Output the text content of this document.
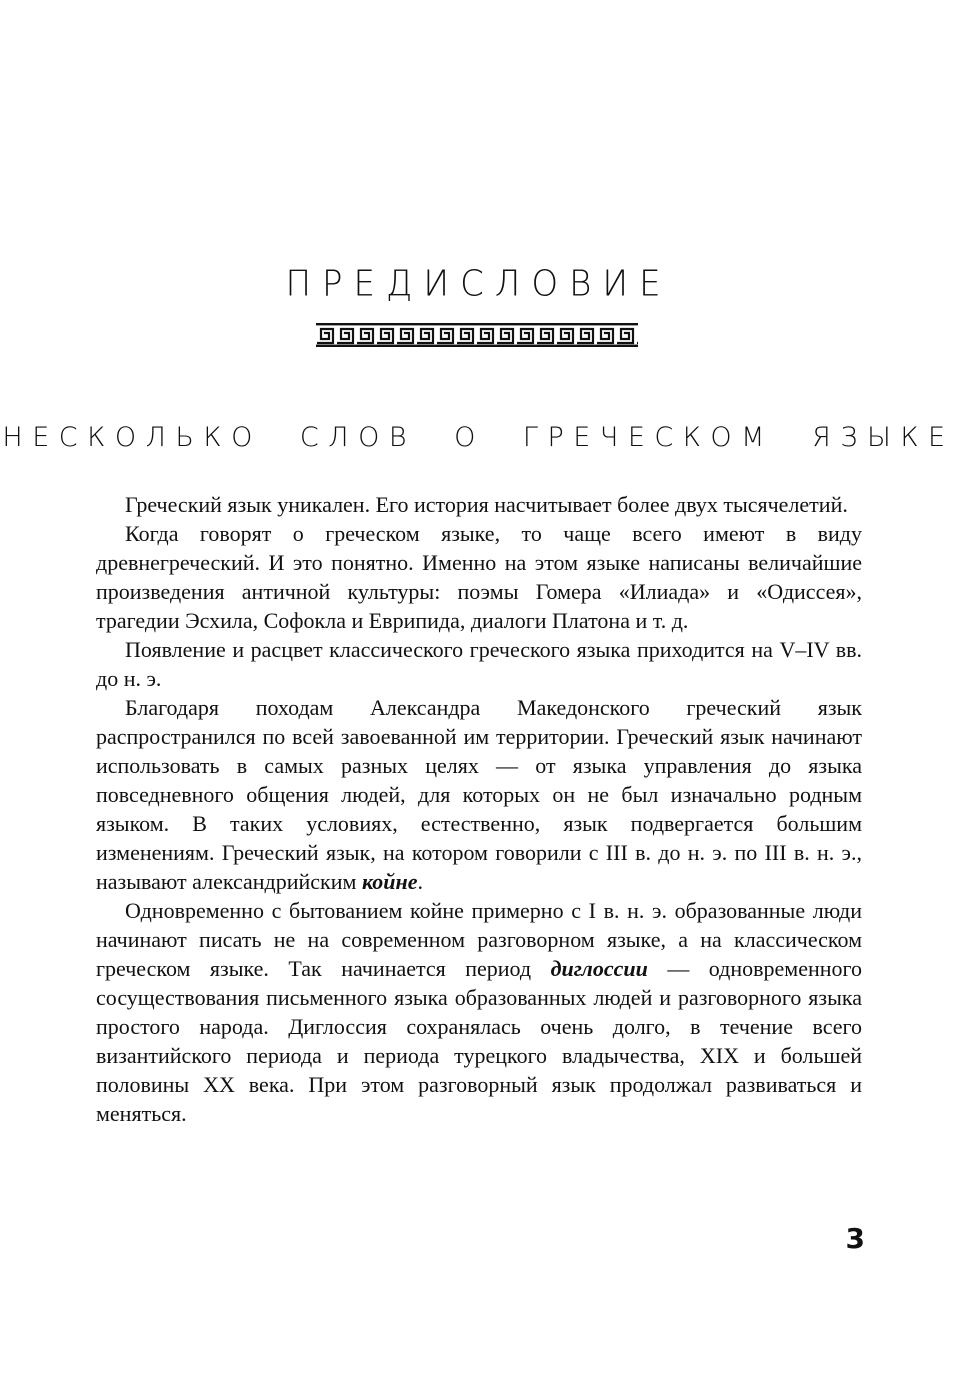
ПРЕДИСЛОВИЕ
НЕСКОЛЬКО СЛОВ О ГРЕЧЕСКОМ ЯЗЫКЕ

Греческий язык уникален. Его история насчитывает более двух тысячелетий.

Когда говорят о греческом языке, то чаще всего имеют в виду древнегреческий. И это понятно. Именно на этом языке написаны величайшие произведения античной культуры: поэмы Гомера «Илиада» и «Одиссея», трагедии Эсхила, Софокла и Еврипида, диалоги Платона и т. д.

Появление и расцвет классического греческого языка приходится на V–IV вв. до н. э.

Благодаря походам Александра Македонского греческий язык распространился по всей завоеванной им территории. Греческий язык начинают использовать в самых разных целях — от языка управления до языка повседневного общения людей, для которых он не был изначально родным языком. В таких условиях, естественно, язык подвергается большим изменениям. Греческий язык, на котором говорили с III в. до н. э. по III в. н. э., называют александрийским койне.

Одновременно с бытованием койне примерно с I в. н. э. образованные люди начинают писать не на современном разговорном языке, а на классическом греческом языке. Так начинается период диглоссии — одновременного сосуществования письменного языка образованных людей и разговорного языка простого народа. Диглоссия сохранялась очень долго, в течение всего византийского периода и периода турецкого владычества, XIX и большей половины XX века. При этом разговорный язык продолжал развиваться и меняться.

3
